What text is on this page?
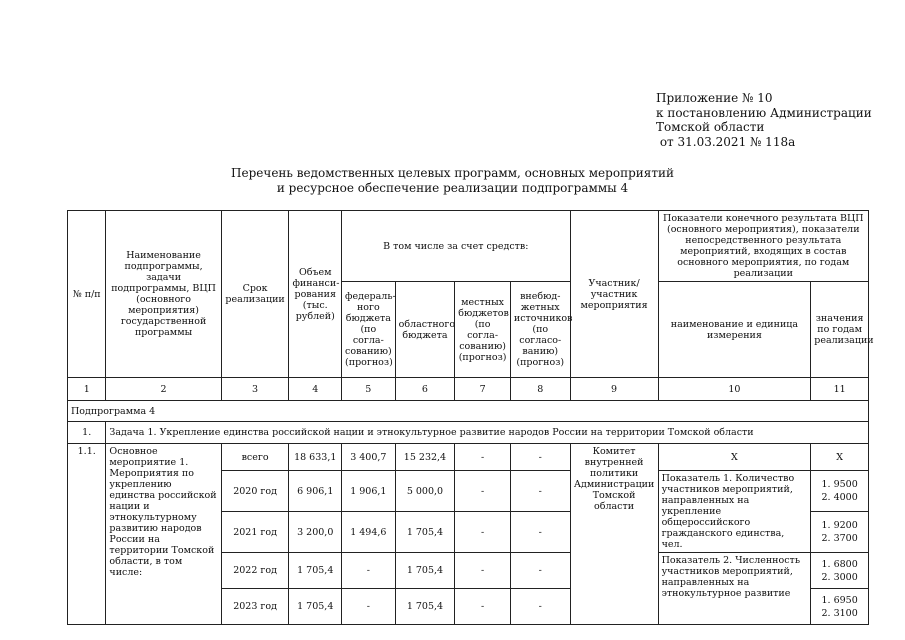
Приложение № 10
к постановлению Администрации
Томской области
от 31.03.2021 № 118а
Перечень ведомственных целевых программ, основных мероприятий
и ресурсное обеспечение реализации подпрограммы 4
№ п/п	Наименование подпрограммы, задачи подпрограммы, ВЦП (основного мероприятия) государственной программы	Срок реализации	Объем финанси-рования (тыс. рублей)	В том числе за счет средств:				Участник/ участник мероприятия	Показатели конечного результата ВЦП (основного мероприятия), показатели непосредственного результата мероприятий, входящих в состав основного мероприятия, по годам реализации	
				федераль-ного бюджета (по согла-сованию) (прогноз)	областного бюджета	местных бюджетов (по согла-сованию) (прогноз)	внебюд-жетных источников (по согласо-ванию) (прогноз)		наименование и единица измерения	значения по годам реализации
1	2	3	4	5	6	7	8	9	10	11
Подпрограмма 4										
1.	Задача 1. Укрепление единства российской нации и этнокультурное развитие народов России на территории Томской области									
1.1.	Основное мероприятие 1. Мероприятия по укреплению единства российской нации и этнокультурному развитию народов России на территории Томской области, в том числе:	всего	18 633,1	3 400,7	15 232,4	-	-	Комитет внутренней политики Администрации Томской области	Х	Х
		2020 год	6 906,1	1 906,1	5 000,0	-	-		Показатель 1. Количество участников мероприятий, направленных на укрепление общероссийского гражданского единства, чел.	1. 9500
2. 4000

		2021 год	3 200,0	1 494,6	1 705,4	-	-			1. 9200
2. 3700

		2022 год	1 705,4	-	1 705,4	-	-		Показатель 2. Численность участников мероприятий, направленных на этнокультурное развитие	1. 6800
2. 3000

		2023 год	1 705,4	-	1 705,4	-	-			1. 6950
2. 3100
